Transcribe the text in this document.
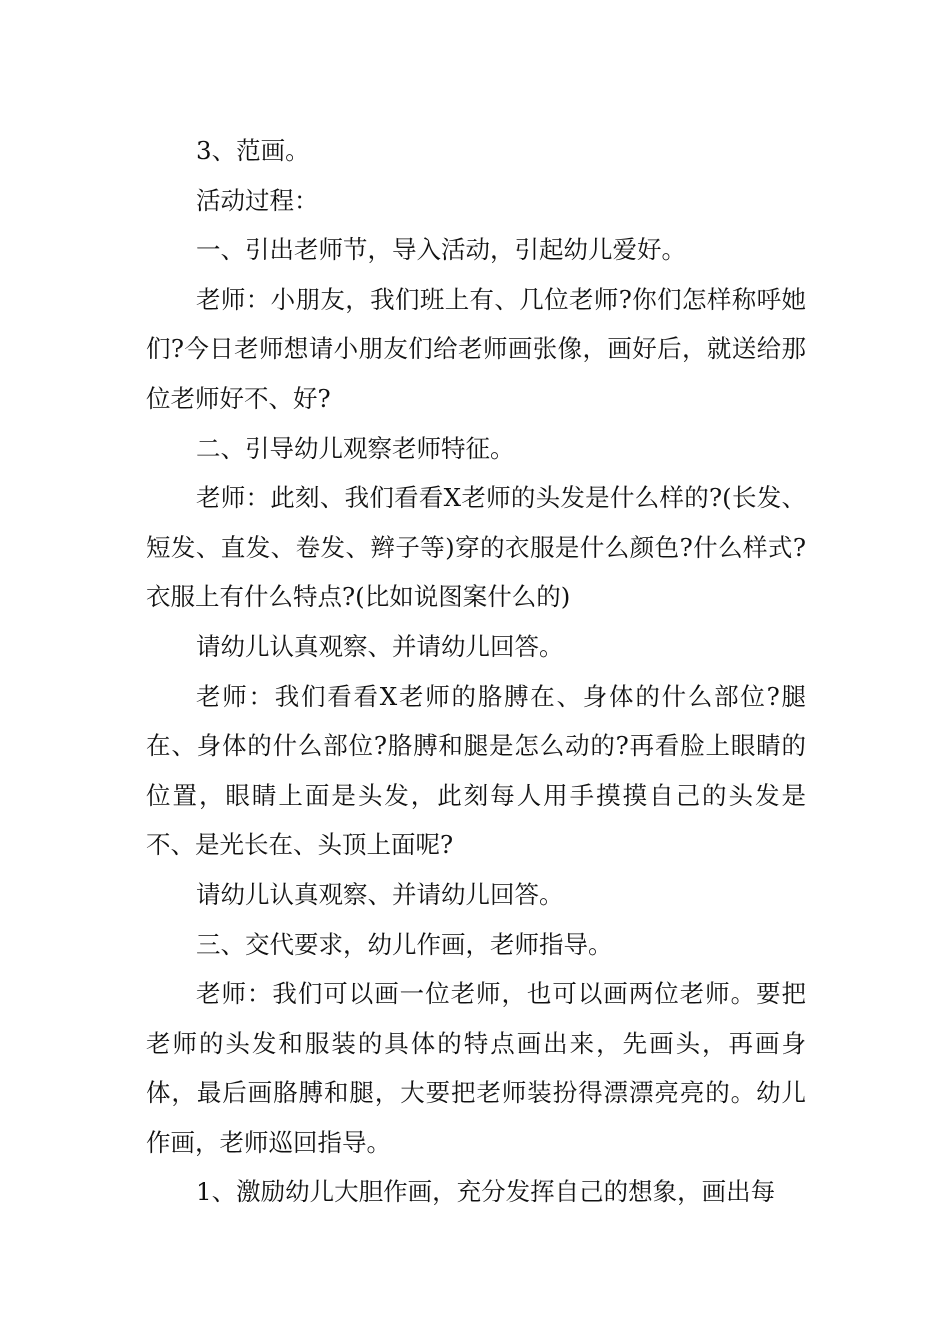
3、范画。

活动过程：

一、引出老师节，导入活动，引起幼儿爱好。

老师：小朋友，我们班上有、几位老师?你们怎样称呼她们?今日老师想请小朋友们给老师画张像，画好后，就送给那位老师好不、好?

二、引导幼儿观察老师特征。

老师：此刻、我们看看X老师的头发是什么样的?(长发、短发、直发、卷发、辫子等)穿的衣服是什么颜色?什么样式?衣服上有什么特点?(比如说图案什么的)

请幼儿认真观察、并请幼儿回答。

老师：我们看看X老师的胳膊在、身体的什么部位?腿在、身体的什么部位?胳膊和腿是怎么动的?再看脸上眼睛的位置，眼睛上面是头发，此刻每人用手摸摸自己的头发是不、是光长在、头顶上面呢?

请幼儿认真观察、并请幼儿回答。

三、交代要求，幼儿作画，老师指导。

老师：我们可以画一位老师，也可以画两位老师。要把老师的头发和服装的具体的特点画出来，先画头，再画身体，最后画胳膊和腿，大要把老师装扮得漂漂亮亮的。幼儿作画，老师巡回指导。

1、激励幼儿大胆作画，充分发挥自己的想象，画出每
